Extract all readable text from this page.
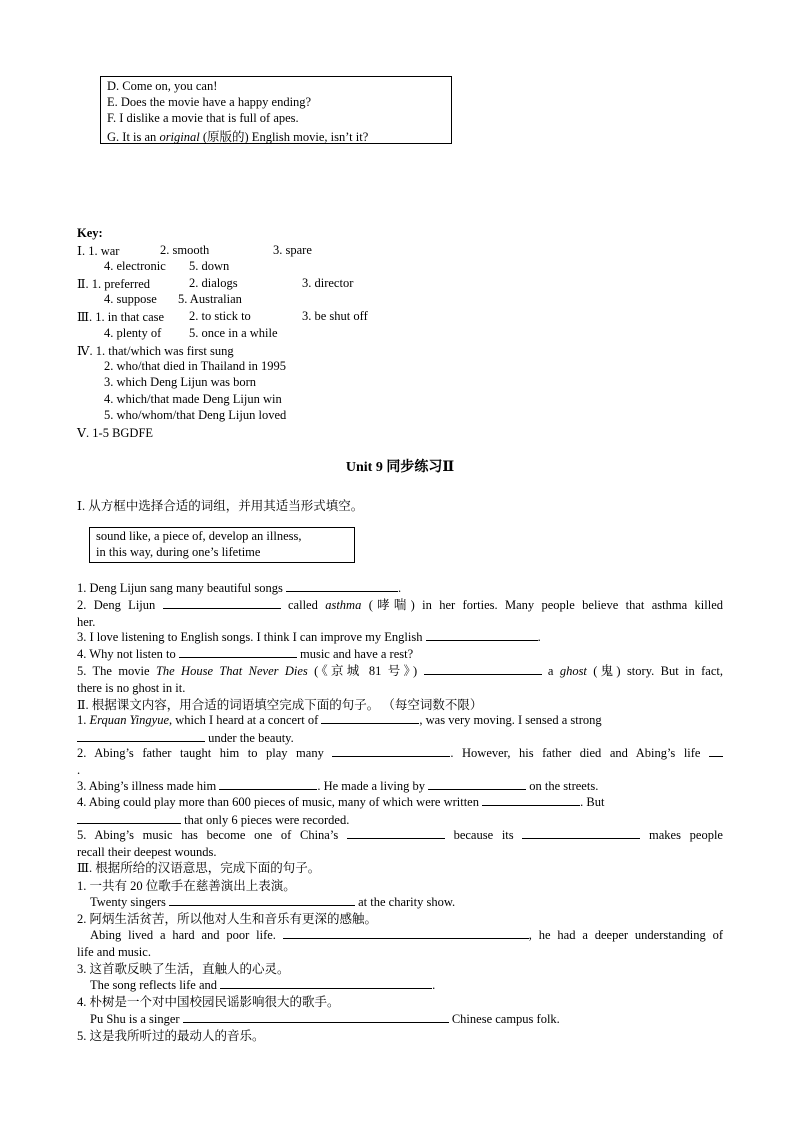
D. Come on, you can!
E. Does the movie have a happy ending?
F. I dislike a movie that is full of apes.
G. It is an original (原版的) English movie, isn’t it?
Key:
Ⅰ. 1. war	2. smooth	3. spare
4. electronic 5. down
Ⅱ. 1. preferred	2. dialogs	3. director
4. suppose 5. Australian
Ⅲ. 1. in that case 2. to stick to	3. be shut off
4. plenty of 5. once in a while
Ⅳ. 1. that/which was first sung
2. who/that died in Thailand in 1995
3. which Deng Lijun was born
4. which/that made Deng Lijun win
5. who/whom/that Deng Lijun loved
Ⅴ. 1-5 BGDFE
Unit 9 同步练习Ⅱ
Ⅰ. 从方框中选择合适的词组，并用其适当形式填空。
sound like, a piece of, develop an illness,
in this way, during one’s lifetime
1. Deng Lijun sang many beautiful songs	.
2. Deng Lijun	called asthma (哮喘) in her forties. Many people believe that asthma killed
her.
3. I love listening to English songs. I think I can improve my English	.
4. Why not listen to	music and have a rest?
5. The movie The House That Never Dies (《京城 81 号》)	a ghost (鬼) story. But in fact,
there is no ghost in it.
Ⅱ. 根据课文内容，用合适的词语填空完成下面的句子。 （每空词数不限）
1. Erquan Yingyue, which I heard at a concert of	, was very moving. I sensed a strong
under the beauty.
2. Abing’s father taught him to play many	. However, his father died and Abing’s life
.
3. Abing’s illness made him	. He made a living by	on the streets.
4. Abing could play more than 600 pieces of music, many of which were written	. But
that only 6 pieces were recorded.
5. Abing’s music has become one of China’s	because its	makes people
recall their deepest wounds.
Ⅲ. 根据所给的汉语意思，完成下面的句子。
1. 一共有 20 位歌手在慈善演出上表演。
Twenty singers	at the charity show.
2. 阿炳生活贫苦，所以他对人生和音乐有更深的感触。
Abing lived a hard and poor life.	, he had a deeper understanding of
life and music.
3. 这首歌反映了生活，直触人的心灵。
The song reflects life and	.
4. 朴树是一个对中国校园民谣影响很大的歌手。
Pu Shu is a singer	Chinese campus folk.
5. 这是我所听过的最动人的音乐。
